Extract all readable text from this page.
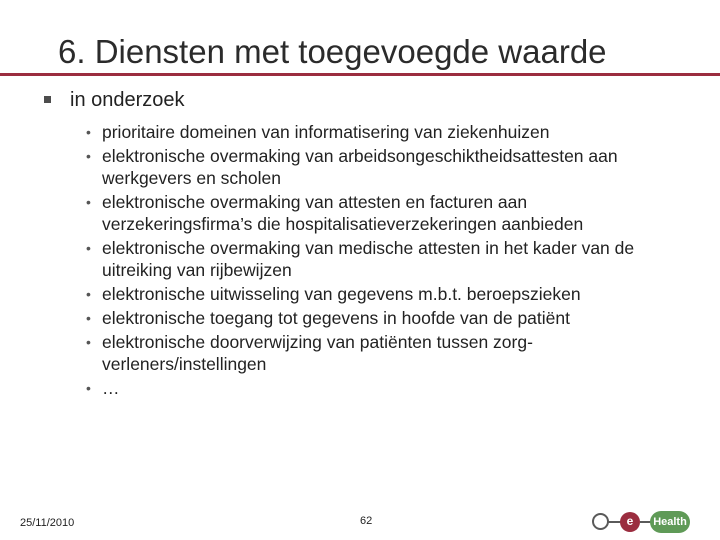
6. Diensten met toegevoegde waarde
in onderzoek
• prioritaire domeinen van informatisering van ziekenhuizen
• elektronische overmaking van arbeidsongeschiktheidsattesten aan werkgevers en scholen
• elektronische overmaking van attesten en facturen aan verzekeringsfirma’s die hospitalisatieverzekeringen aanbieden
• elektronische overmaking van medische attesten in het kader van de uitreiking van rijbewijzen
• elektronische uitwisseling van gegevens m.b.t. beroepszieken
• elektronische toegang tot gegevens in hoofde van de patiënt
• elektronische doorverwijzing van patiënten tussen zorg-verleners/instellingen
• …
25/11/2010	62	e	Health
